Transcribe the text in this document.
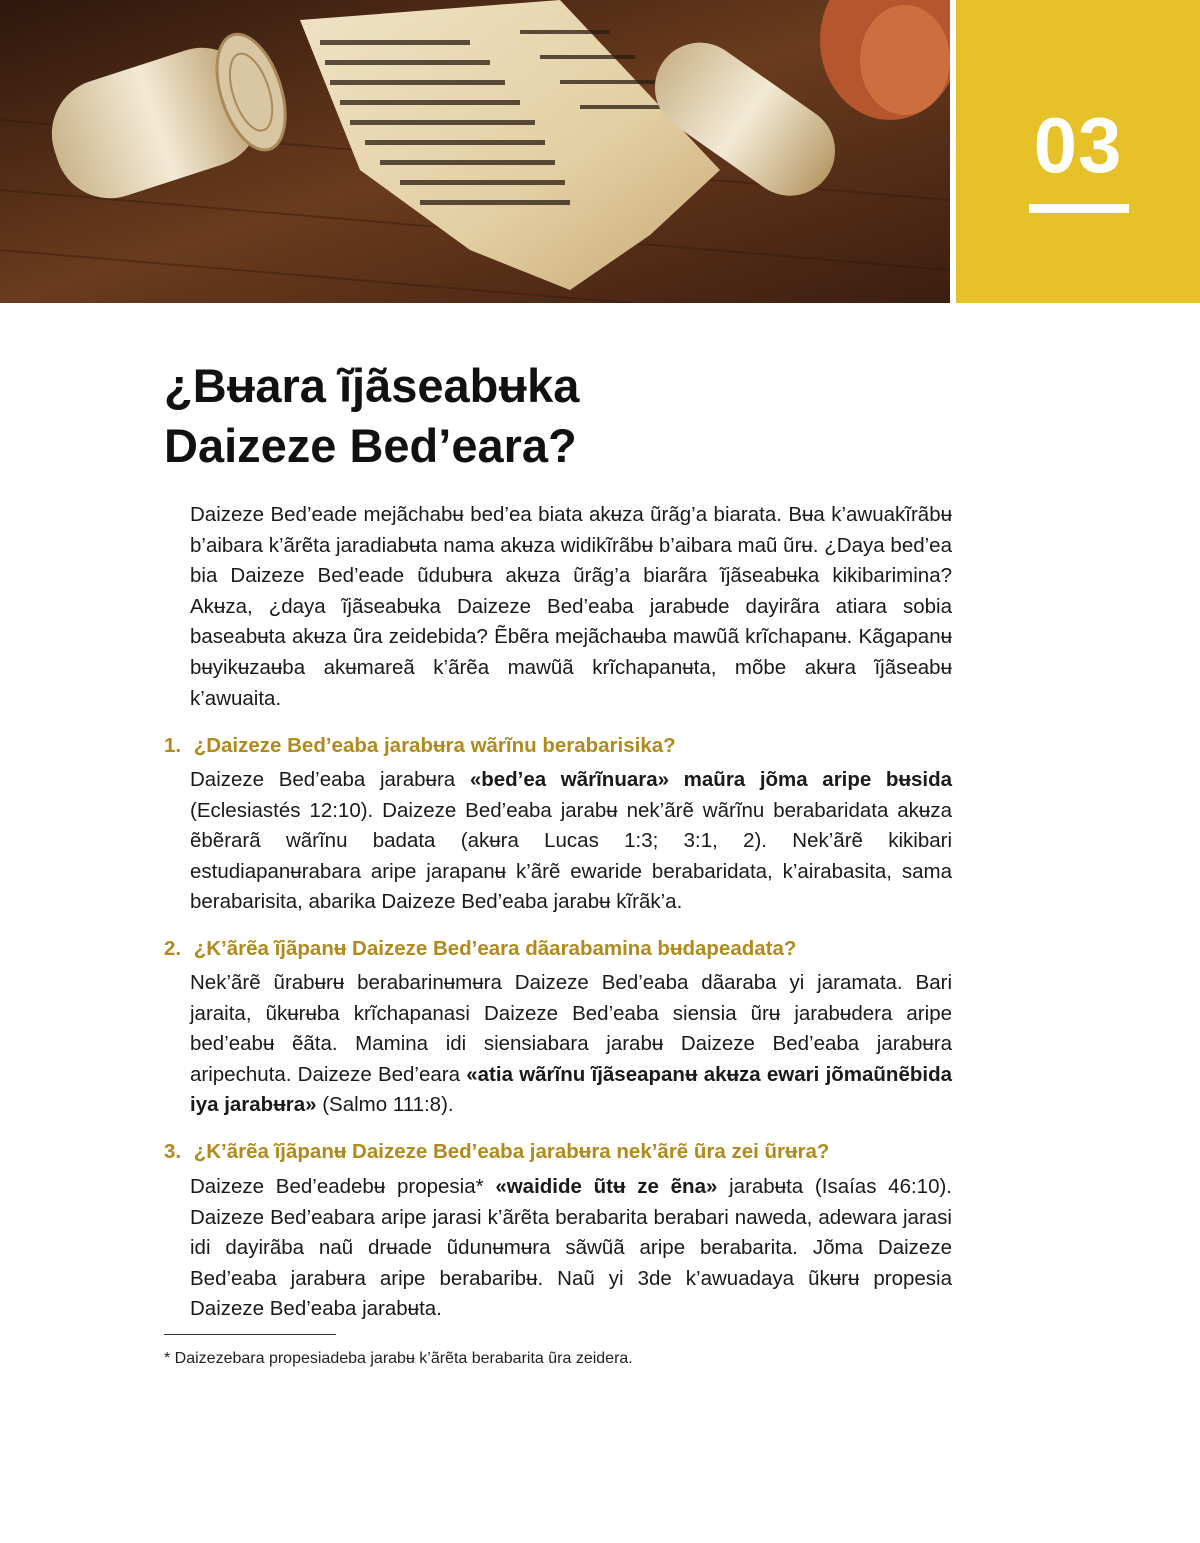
03
¿Bʉara ĩjãseabʉka
Daizeze Bed’eara?

Daizeze Bed’eade mejãchabʉ bed’ea biata akʉza ũrãg’a biarata. Bʉa k’awuakĩrãbʉ b’aibara k’ãrẽta jaradiabʉta nama akʉza widikĩrãbʉ b’aibara maũ ũrʉ. ¿Daya bed’ea bia Daizeze Bed’eade ũdubʉra akʉza ũrãg’a biarãra ĩjãseabʉka kikibarimina? Akʉza, ¿daya ĩjãseabʉka Daizeze Bed’eaba jarabʉde dayirãra atiara sobia baseabʉta akʉza ũra zeidebida? Ẽbẽra mejãchaʉba mawũã krĩchapanʉ. Kãgapanʉ bʉyikʉzaʉba akʉmareã k’ãrẽa mawũã krĩchapanʉta, mõbe akʉra ĩjãseabʉ k’awuaita.

1. ¿Daizeze Bed’eaba jarabʉra wãrĩnu berabarisika?

Daizeze Bed’eaba jarabʉra «bed’ea wãrĩnuara» maũra jõma aripe bʉsida (Eclesiastés 12:10). Daizeze Bed’eaba jarabʉ nek’ãrẽ wãrĩnu berabaridata akʉza ẽbẽrarã wãrĩnu badata (akʉra Lucas 1:3; 3:1, 2). Nek’ãrẽ kikibari estudiapanʉrabara aripe jarapanʉ k’ãrẽ ewaride berabaridata, k’airabasita, sama berabarisita, abarika Daizeze Bed’eaba jarabʉ kĩrãk’a.

2. ¿K’ãrẽa ĩjãpanʉ Daizeze Bed’eara dãarabamina bʉdapeadata?

Nek’ãrẽ ũrabʉrʉ berabarinʉmʉra Daizeze Bed’eaba dãaraba yi jaramata. Bari jaraita, ũkʉrʉba krĩchapanasi Daizeze Bed’eaba siensia ũrʉ jarabʉdera aripe bed’eabʉ ẽãta. Mamina idi siensiabara jarabʉ Daizeze Bed’eaba jarabʉra aripechuta. Daizeze Bed’eara «atia wãrĩnu ĩjãseapanʉ akʉza ewari jõmaũnẽbida iya jarabʉra» (Salmo 111:8).

3. ¿K’ãrẽa ĩjãpanʉ Daizeze Bed’eaba jarabʉra nek’ãrẽ ũra zei ũrʉra?

Daizeze Bed’eadebʉ propesia* «waidide ũtʉ ze ẽna» jarabʉta (Isaías 46:10). Daizeze Bed’eabara aripe jarasi k’ãrẽta berabarita berabari naweda, adewara jarasi idi dayirãba naũ drʉade ũdunʉmʉra sãwũã aripe berabarita. Jõma Daizeze Bed’eaba jarabʉra aripe berabaribʉ. Naũ yi 3de k’awuadaya ũkʉrʉ propesia Daizeze Bed’eaba jarabʉta.

* Daizezebara propesiadeba jarabʉ k’ãrẽta berabarita ũra zeidera.
